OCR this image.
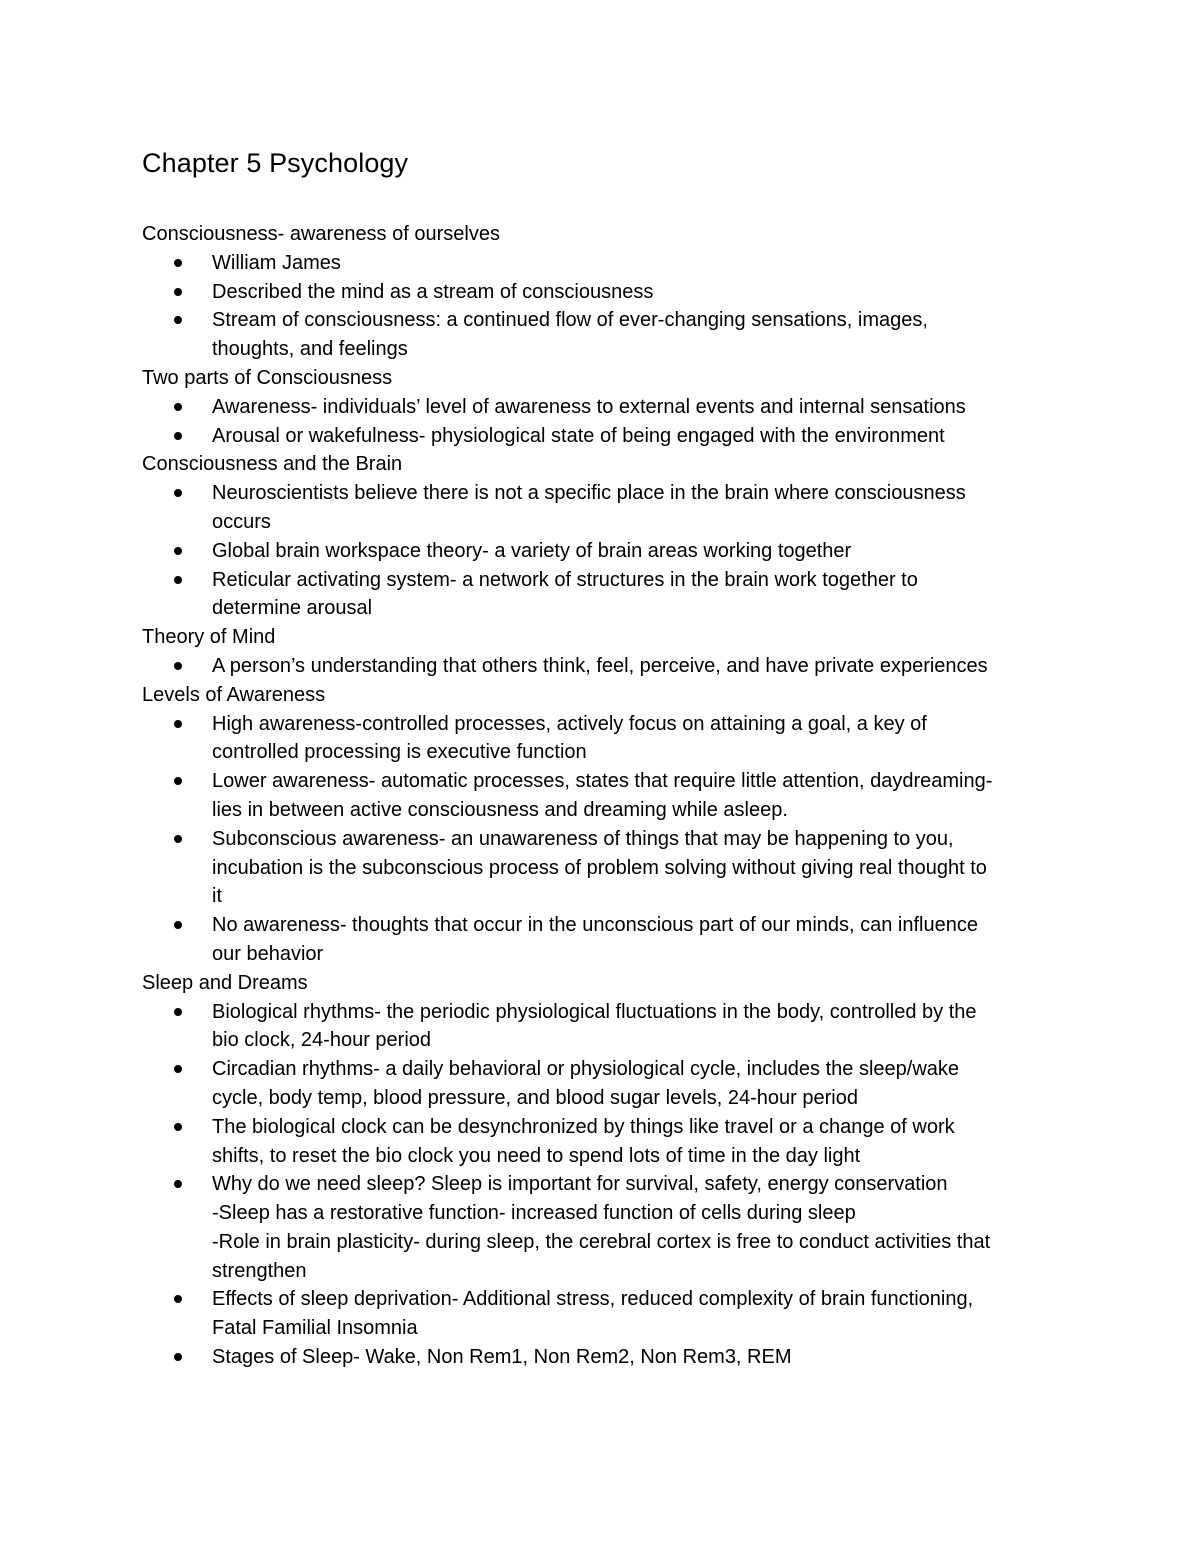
Chapter 5 Psychology
Consciousness- awareness of ourselves
William James
Described the mind as a stream of consciousness
Stream of consciousness: a continued flow of ever-changing sensations, images,
thoughts, and feelings
Two parts of Consciousness
Awareness- individuals’ level of awareness to external events and internal sensations
Arousal or wakefulness- physiological state of being engaged with the environment
Consciousness and the Brain
Neuroscientists believe there is not a specific place in the brain where consciousness
occurs
Global brain workspace theory- a variety of brain areas working together
Reticular activating system- a network of structures in the brain work together to
determine arousal
Theory of Mind
A person’s understanding that others think, feel, perceive, and have private experiences
Levels of Awareness
High awareness-controlled processes, actively focus on attaining a goal, a key of
controlled processing is executive function
Lower awareness- automatic processes, states that require little attention, daydreaming-
lies in between active consciousness and dreaming while asleep.
Subconscious awareness- an unawareness of things that may be happening to you,
incubation is the subconscious process of problem solving without giving real thought to
it
No awareness- thoughts that occur in the unconscious part of our minds, can influence
our behavior
Sleep and Dreams
Biological rhythms- the periodic physiological fluctuations in the body, controlled by the
bio clock, 24-hour period
Circadian rhythms- a daily behavioral or physiological cycle, includes the sleep/wake
cycle, body temp, blood pressure, and blood sugar levels, 24-hour period
The biological clock can be desynchronized by things like travel or a change of work
shifts, to reset the bio clock you need to spend lots of time in the day light
Why do we need sleep? Sleep is important for survival, safety, energy conservation
-Sleep has a restorative function- increased function of cells during sleep
-Role in brain plasticity- during sleep, the cerebral cortex is free to conduct activities that
strengthen
Effects of sleep deprivation- Additional stress, reduced complexity of brain functioning,
Fatal Familial Insomnia
Stages of Sleep- Wake, Non Rem1, Non Rem2, Non Rem3, REM
